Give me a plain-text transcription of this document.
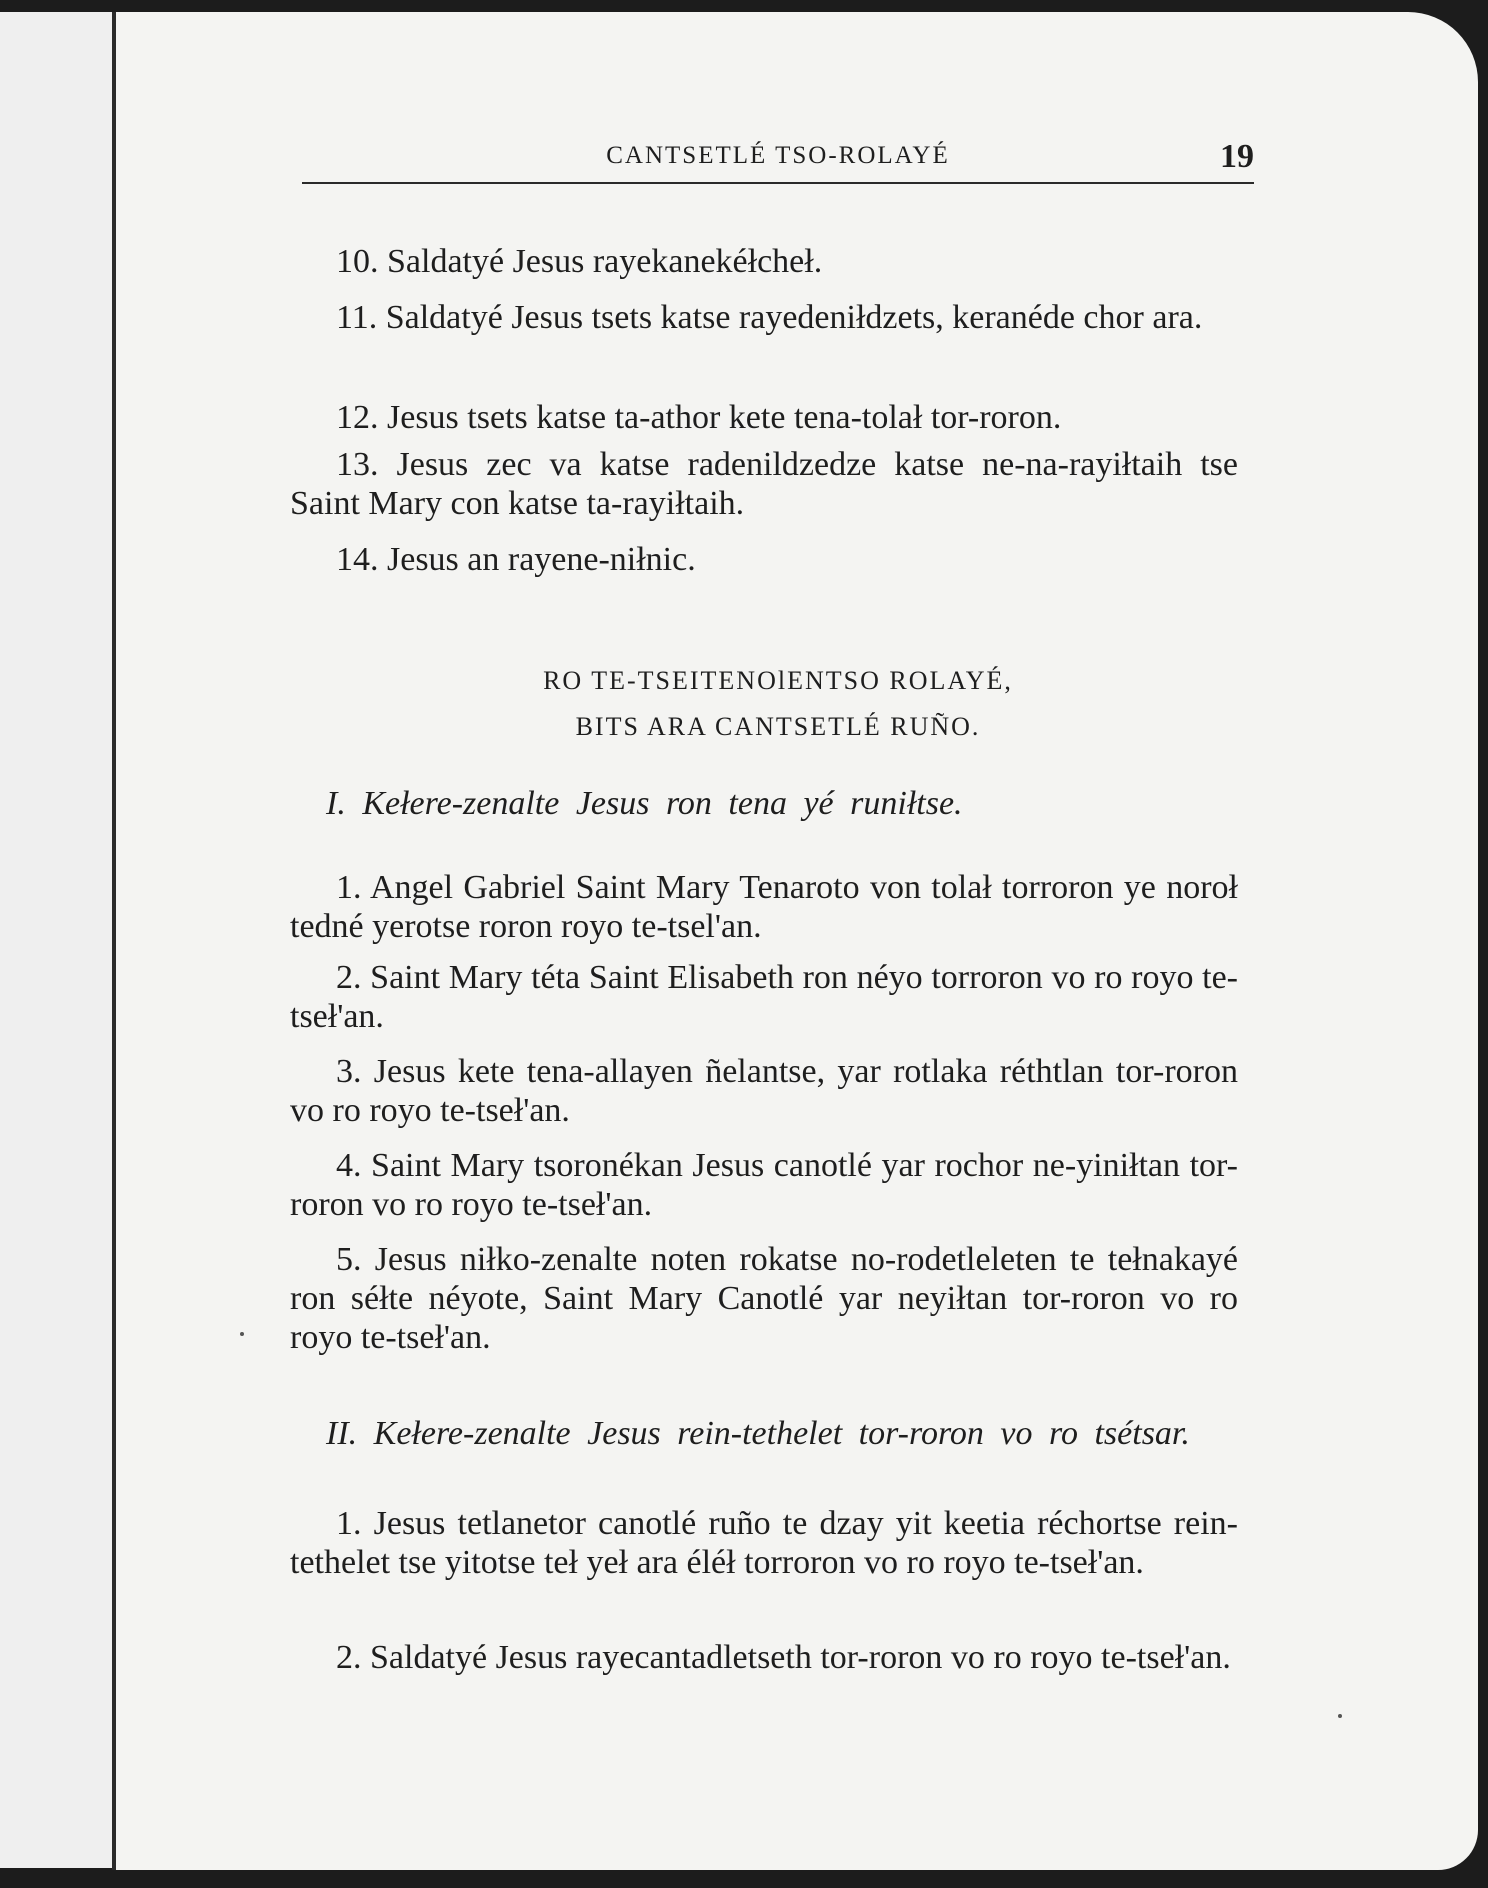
CANTSETLÉ TSO-ROLAYÉ	19
10. Saldatyé Jesus rayekanekéłcheł.
11. Saldatyé Jesus tsets katse rayedeniłdzets, keranéde chor ara.
12. Jesus tsets katse ta-athor kete tena-tolał tor-roron.
13. Jesus zec va katse radenildzedze katse ne-na-rayiłtaih tse Saint Mary con katse ta-rayiłtaih.
14. Jesus an rayene-niłnic.
RO TE-TSEITENOlENTSO ROLAYÉ,
BITS ARA CANTSETLÉ RUÑO.
I. Kełere-zenalte Jesus ron tena yé runiłtse.
1. Angel Gabriel Saint Mary Tenaroto von tolał torroron ye noroł tedné yerotse roron royo te-tsel'an.
2. Saint Mary téta Saint Elisabeth ron néyo torroron vo ro royo te-tseł'an.
3. Jesus kete tena-allayen ñelantse, yar rotlaka réthtlan tor-roron vo ro royo te-tseł'an.
4. Saint Mary tsoronékan Jesus canotlé yar rochor ne-yiniłtan tor-roron vo ro royo te-tseł'an.
5. Jesus niłko-zenalte noten rokatse no-rodetleleten te tełnakayé ron séłte néyote, Saint Mary Canotlé yar neyiłtan tor-roron vo ro royo te-tseł'an.
II. Kełere-zenalte Jesus rein-tethelet tor-roron vo ro tsétsar.
1. Jesus tetlanetor canotlé ruño te dzay yit keetia réchortse rein-tethelet tse yitotse teł yeł ara éléł torroron vo ro royo te-tseł'an.
2. Saldatyé Jesus rayecantadletseth tor-roron vo ro royo te-tseł'an.
